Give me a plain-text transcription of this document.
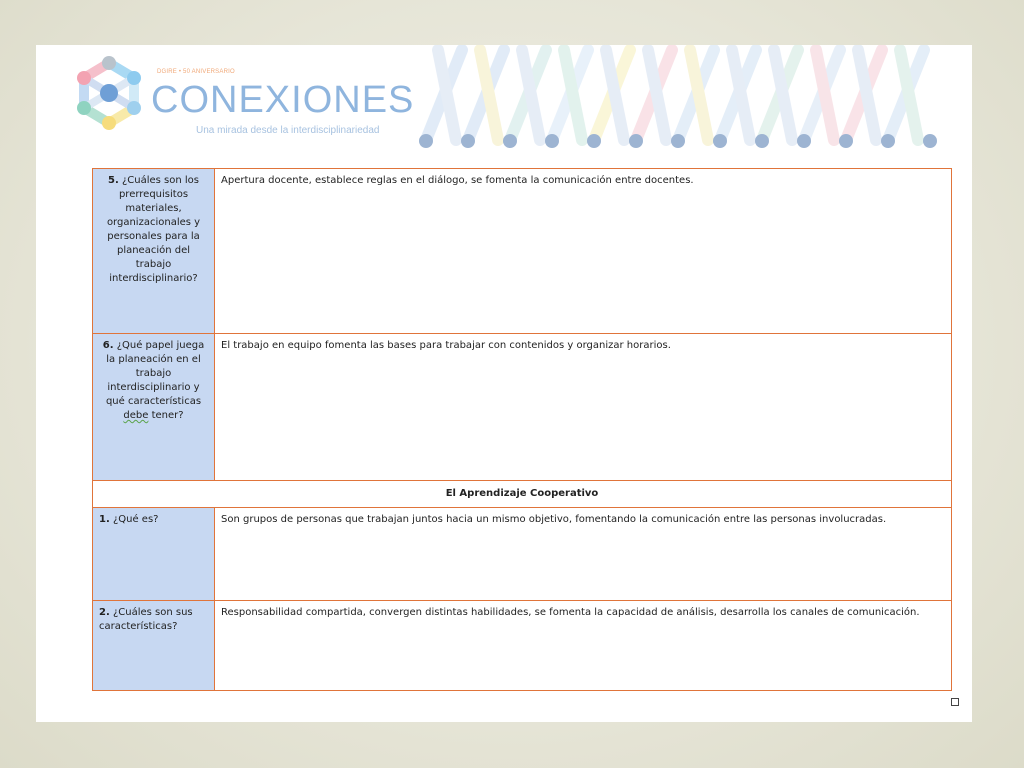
DGIRE • 50 ANIVERSARIO
CONEXIONES
Una mirada desde la interdisciplinariedad
5. ¿Cuáles son los prerrequisitos materiales, organizacionales y personales para la planeación del trabajo interdisciplinario?	Apertura docente, establece reglas en el diálogo, se fomenta la comunicación entre docentes.
6. ¿Qué papel juega la planeación en el trabajo interdisciplinario y qué características debe tener?	El trabajo en equipo fomenta las bases para trabajar con contenidos y organizar horarios.
El Aprendizaje Cooperativo	
1. ¿Qué es?	Son grupos de personas que trabajan juntos hacia un mismo objetivo, fomentando la comunicación entre las personas involucradas.
2. ¿Cuáles son sus características?	Responsabilidad compartida, convergen distintas habilidades, se fomenta la capacidad de análisis, desarrolla los canales de comunicación.
